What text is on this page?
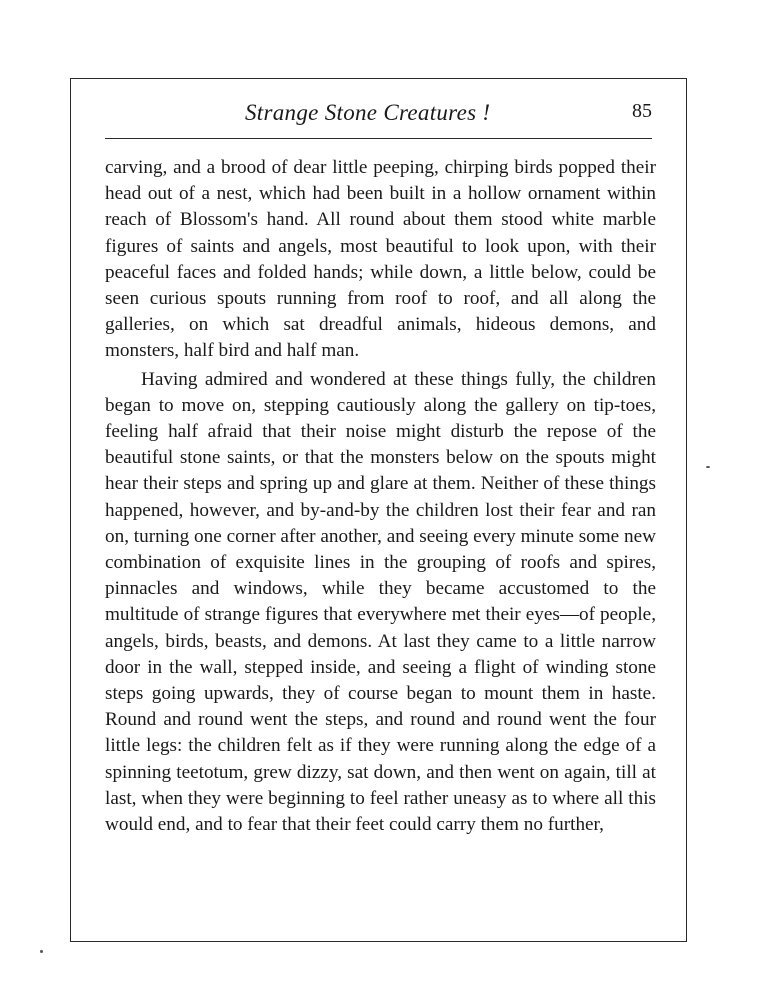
Strange Stone Creatures !	85

carving, and a brood of dear little peeping, chirping birds popped their head out of a nest, which had been built in a hollow ornament within reach of Blossom's hand. All round about them stood white marble figures of saints and angels, most beautiful to look upon, with their peaceful faces and folded hands; while down, a little below, could be seen curious spouts running from roof to roof, and all along the galleries, on which sat dreadful animals, hideous demons, and monsters, half bird and half man.

Having admired and wondered at these things fully, the children began to move on, stepping cautiously along the gallery on tip-toes, feeling half afraid that their noise might disturb the repose of the beautiful stone saints, or that the monsters below on the spouts might hear their steps and spring up and glare at them. Neither of these things happened, however, and by-and-by the children lost their fear and ran on, turning one corner after another, and seeing every minute some new combination of exquisite lines in the grouping of roofs and spires, pinnacles and windows, while they became accustomed to the multitude of strange figures that everywhere met their eyes—of people, angels, birds, beasts, and demons. At last they came to a little narrow door in the wall, stepped inside, and seeing a flight of winding stone steps going upwards, they of course began to mount them in haste. Round and round went the steps, and round and round went the four little legs: the children felt as if they were running along the edge of a spinning teetotum, grew dizzy, sat down, and then went on again, till at last, when they were beginning to feel rather uneasy as to where all this would end, and to fear that their feet could carry them no further,
